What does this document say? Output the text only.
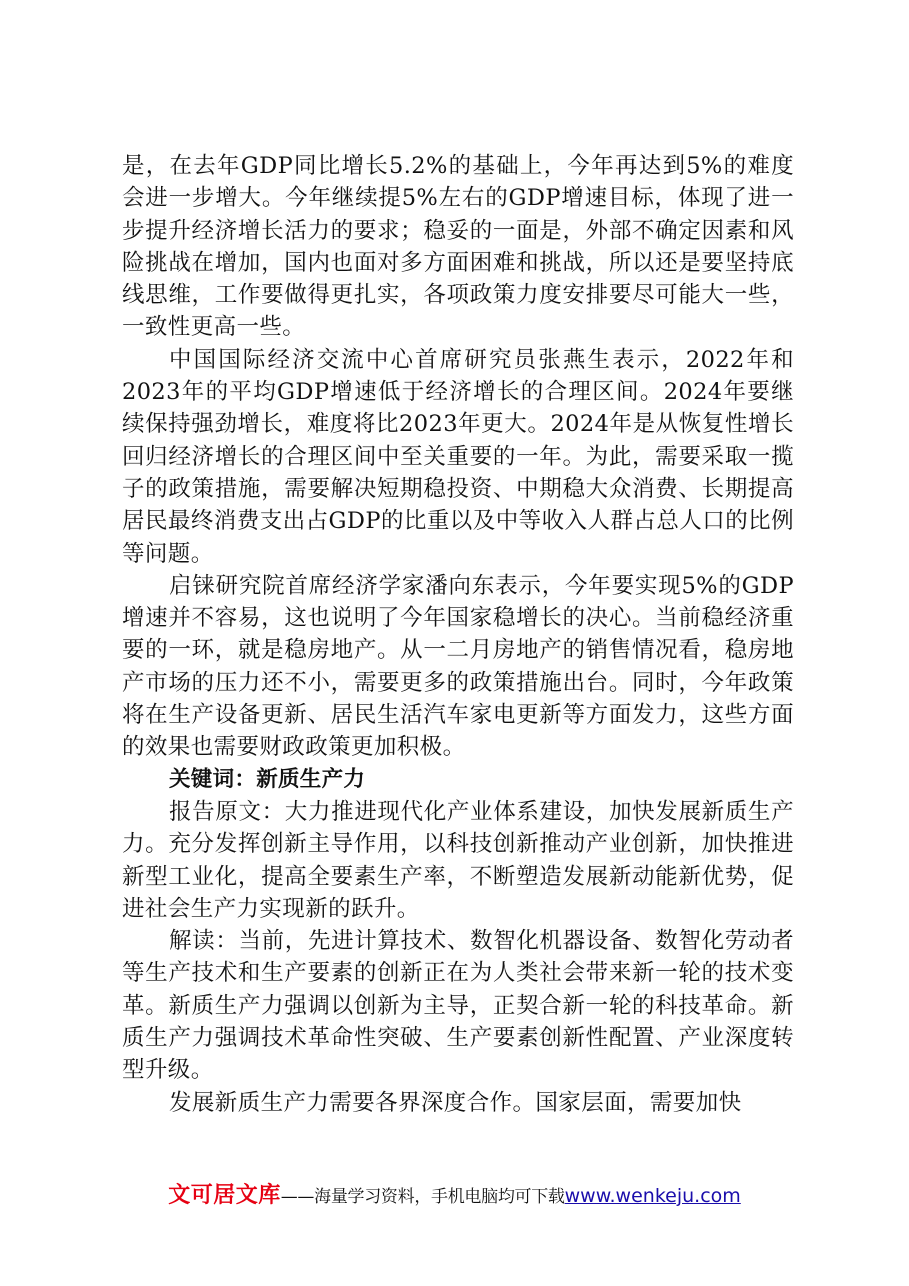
是，在去年GDP同比增长5.2%的基础上，今年再达到5%的难度会进一步增大。今年继续提5%左右的GDP增速目标，体现了进一步提升经济增长活力的要求；稳妥的一面是，外部不确定因素和风险挑战在增加，国内也面对多方面困难和挑战，所以还是要坚持底线思维，工作要做得更扎实，各项政策力度安排要尽可能大一些，一致性更高一些。

中国国际经济交流中心首席研究员张燕生表示，2022年和2023年的平均GDP增速低于经济增长的合理区间。2024年要继续保持强劲增长，难度将比2023年更大。2024年是从恢复性增长回归经济增长的合理区间中至关重要的一年。为此，需要采取一揽子的政策措施，需要解决短期稳投资、中期稳大众消费、长期提高居民最终消费支出占GDP的比重以及中等收入人群占总人口的比例等问题。

启铼研究院首席经济学家潘向东表示，今年要实现5%的GDP增速并不容易，这也说明了今年国家稳增长的决心。当前稳经济重要的一环，就是稳房地产。从一二月房地产的销售情况看，稳房地产市场的压力还不小，需要更多的政策措施出台。同时，今年政策将在生产设备更新、居民生活汽车家电更新等方面发力，这些方面的效果也需要财政政策更加积极。

关键词：新质生产力

报告原文：大力推进现代化产业体系建设，加快发展新质生产力。充分发挥创新主导作用，以科技创新推动产业创新，加快推进新型工业化，提高全要素生产率，不断塑造发展新动能新优势，促进社会生产力实现新的跃升。

解读：当前，先进计算技术、数智化机器设备、数智化劳动者等生产技术和生产要素的创新正在为人类社会带来新一轮的技术变革。新质生产力强调以创新为主导，正契合新一轮的科技革命。新质生产力强调技术革命性突破、生产要素创新性配置、产业深度转型升级。

发展新质生产力需要各界深度合作。国家层面，需要加快

文可居文库——海量学习资料，手机电脑均可下载www.wenkeju.com
